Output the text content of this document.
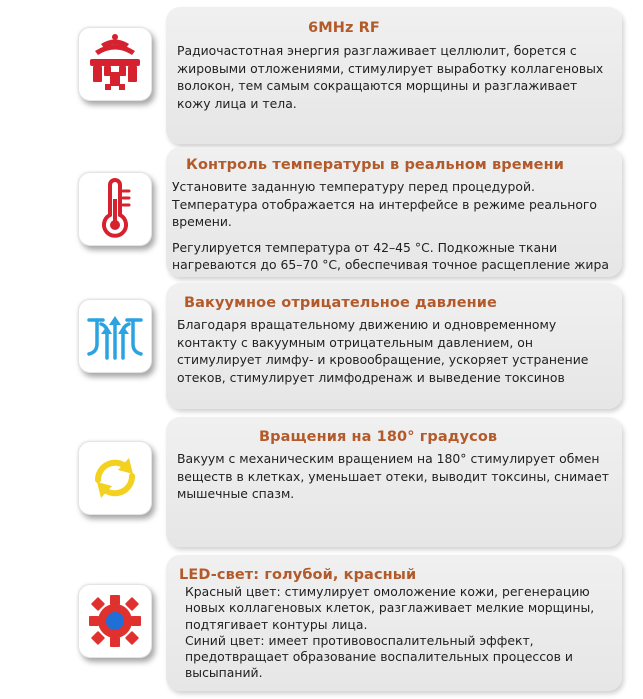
6MHz RF

Радиочастотная энергия разглаживает целлюлит, борется с жировыми отложениями, стимулирует выработку коллагеновых волокон, тем самым сокращаются морщины и разглаживает кожу лица и тела.

Контроль температуры в реальном времени

Установите заданную температуру перед процедурой. Температура отображается на интерфейсе в режиме реального времени.

Регулируется температура от 42–45 °C. Подкожные ткани нагреваются до 65–70 °C, обеспечивая точное расщепление жира

Вакуумное отрицательное давление

Благодаря вращательному движению и одновременному контакту с вакуумным отрицательным давлением, он стимулирует лимфу- и кровообращение, ускоряет устранение отеков, стимулирует лимфодренаж и выведение токсинов

Вращения на 180° градусов

Вакуум с механическим вращением на 180° стимулирует обмен веществ в клетках, уменьшает отеки, выводит токсины, снимает мышечные спазм.

LED-свет: голубой, красный

Красный цвет: стимулирует омоложение кожи, регенерацию новых коллагеновых клеток, разглаживает мелкие морщины, подтягивает контуры лица.

Синий цвет: имеет противовоспалительный эффект, предотвращает образование воспалительных процессов и высыпаний.
